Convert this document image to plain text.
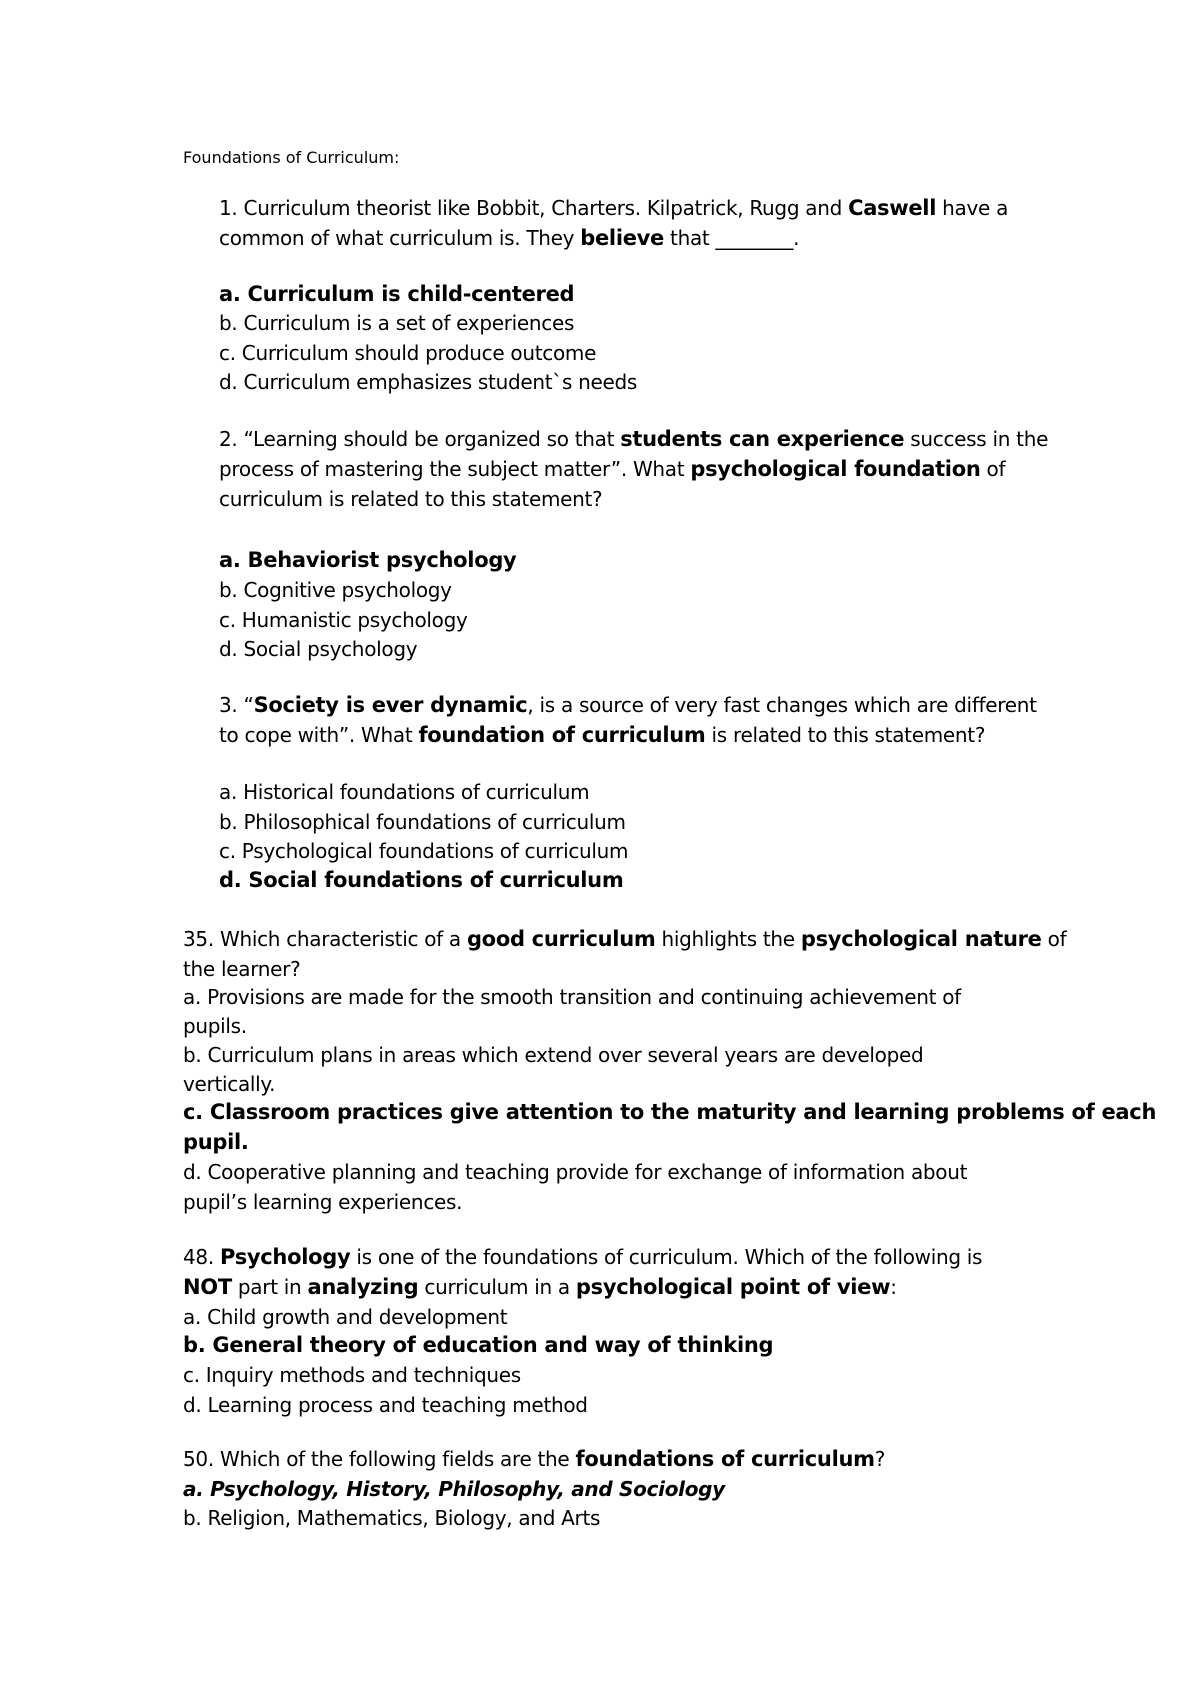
Foundations of Curriculum:
1. Curriculum theorist like Bobbit, Charters. Kilpatrick, Rugg and Caswell have a
common of what curriculum is. They believe that ________.
a. Curriculum is child-centered
b. Curriculum is a set of experiences
c. Curriculum should produce outcome
d. Curriculum emphasizes student`s needs
2. “Learning should be organized so that students can experience success in the
process of mastering the subject matter”. What psychological foundation of
curriculum is related to this statement?
a. Behaviorist psychology
b. Cognitive psychology
c. Humanistic psychology
d. Social psychology
3. “Society is ever dynamic, is a source of very fast changes which are different
to cope with”. What foundation of curriculum is related to this statement?
a. Historical foundations of curriculum
b. Philosophical foundations of curriculum
c. Psychological foundations of curriculum
d. Social foundations of curriculum
35. Which characteristic of a good curriculum highlights the psychological nature of
the learner?
a. Provisions are made for the smooth transition and continuing achievement of
pupils.
b. Curriculum plans in areas which extend over several years are developed
vertically.
c. Classroom practices give attention to the maturity and learning problems of each
pupil.
d. Cooperative planning and teaching provide for exchange of information about
pupil’s learning experiences.
48. Psychology is one of the foundations of curriculum. Which of the following is
NOT part in analyzing curriculum in a psychological point of view:
a. Child growth and development
b. General theory of education and way of thinking
c. Inquiry methods and techniques
d. Learning process and teaching method
50. Which of the following fields are the foundations of curriculum?
a. Psychology, History, Philosophy, and Sociology
b. Religion, Mathematics, Biology, and Arts
